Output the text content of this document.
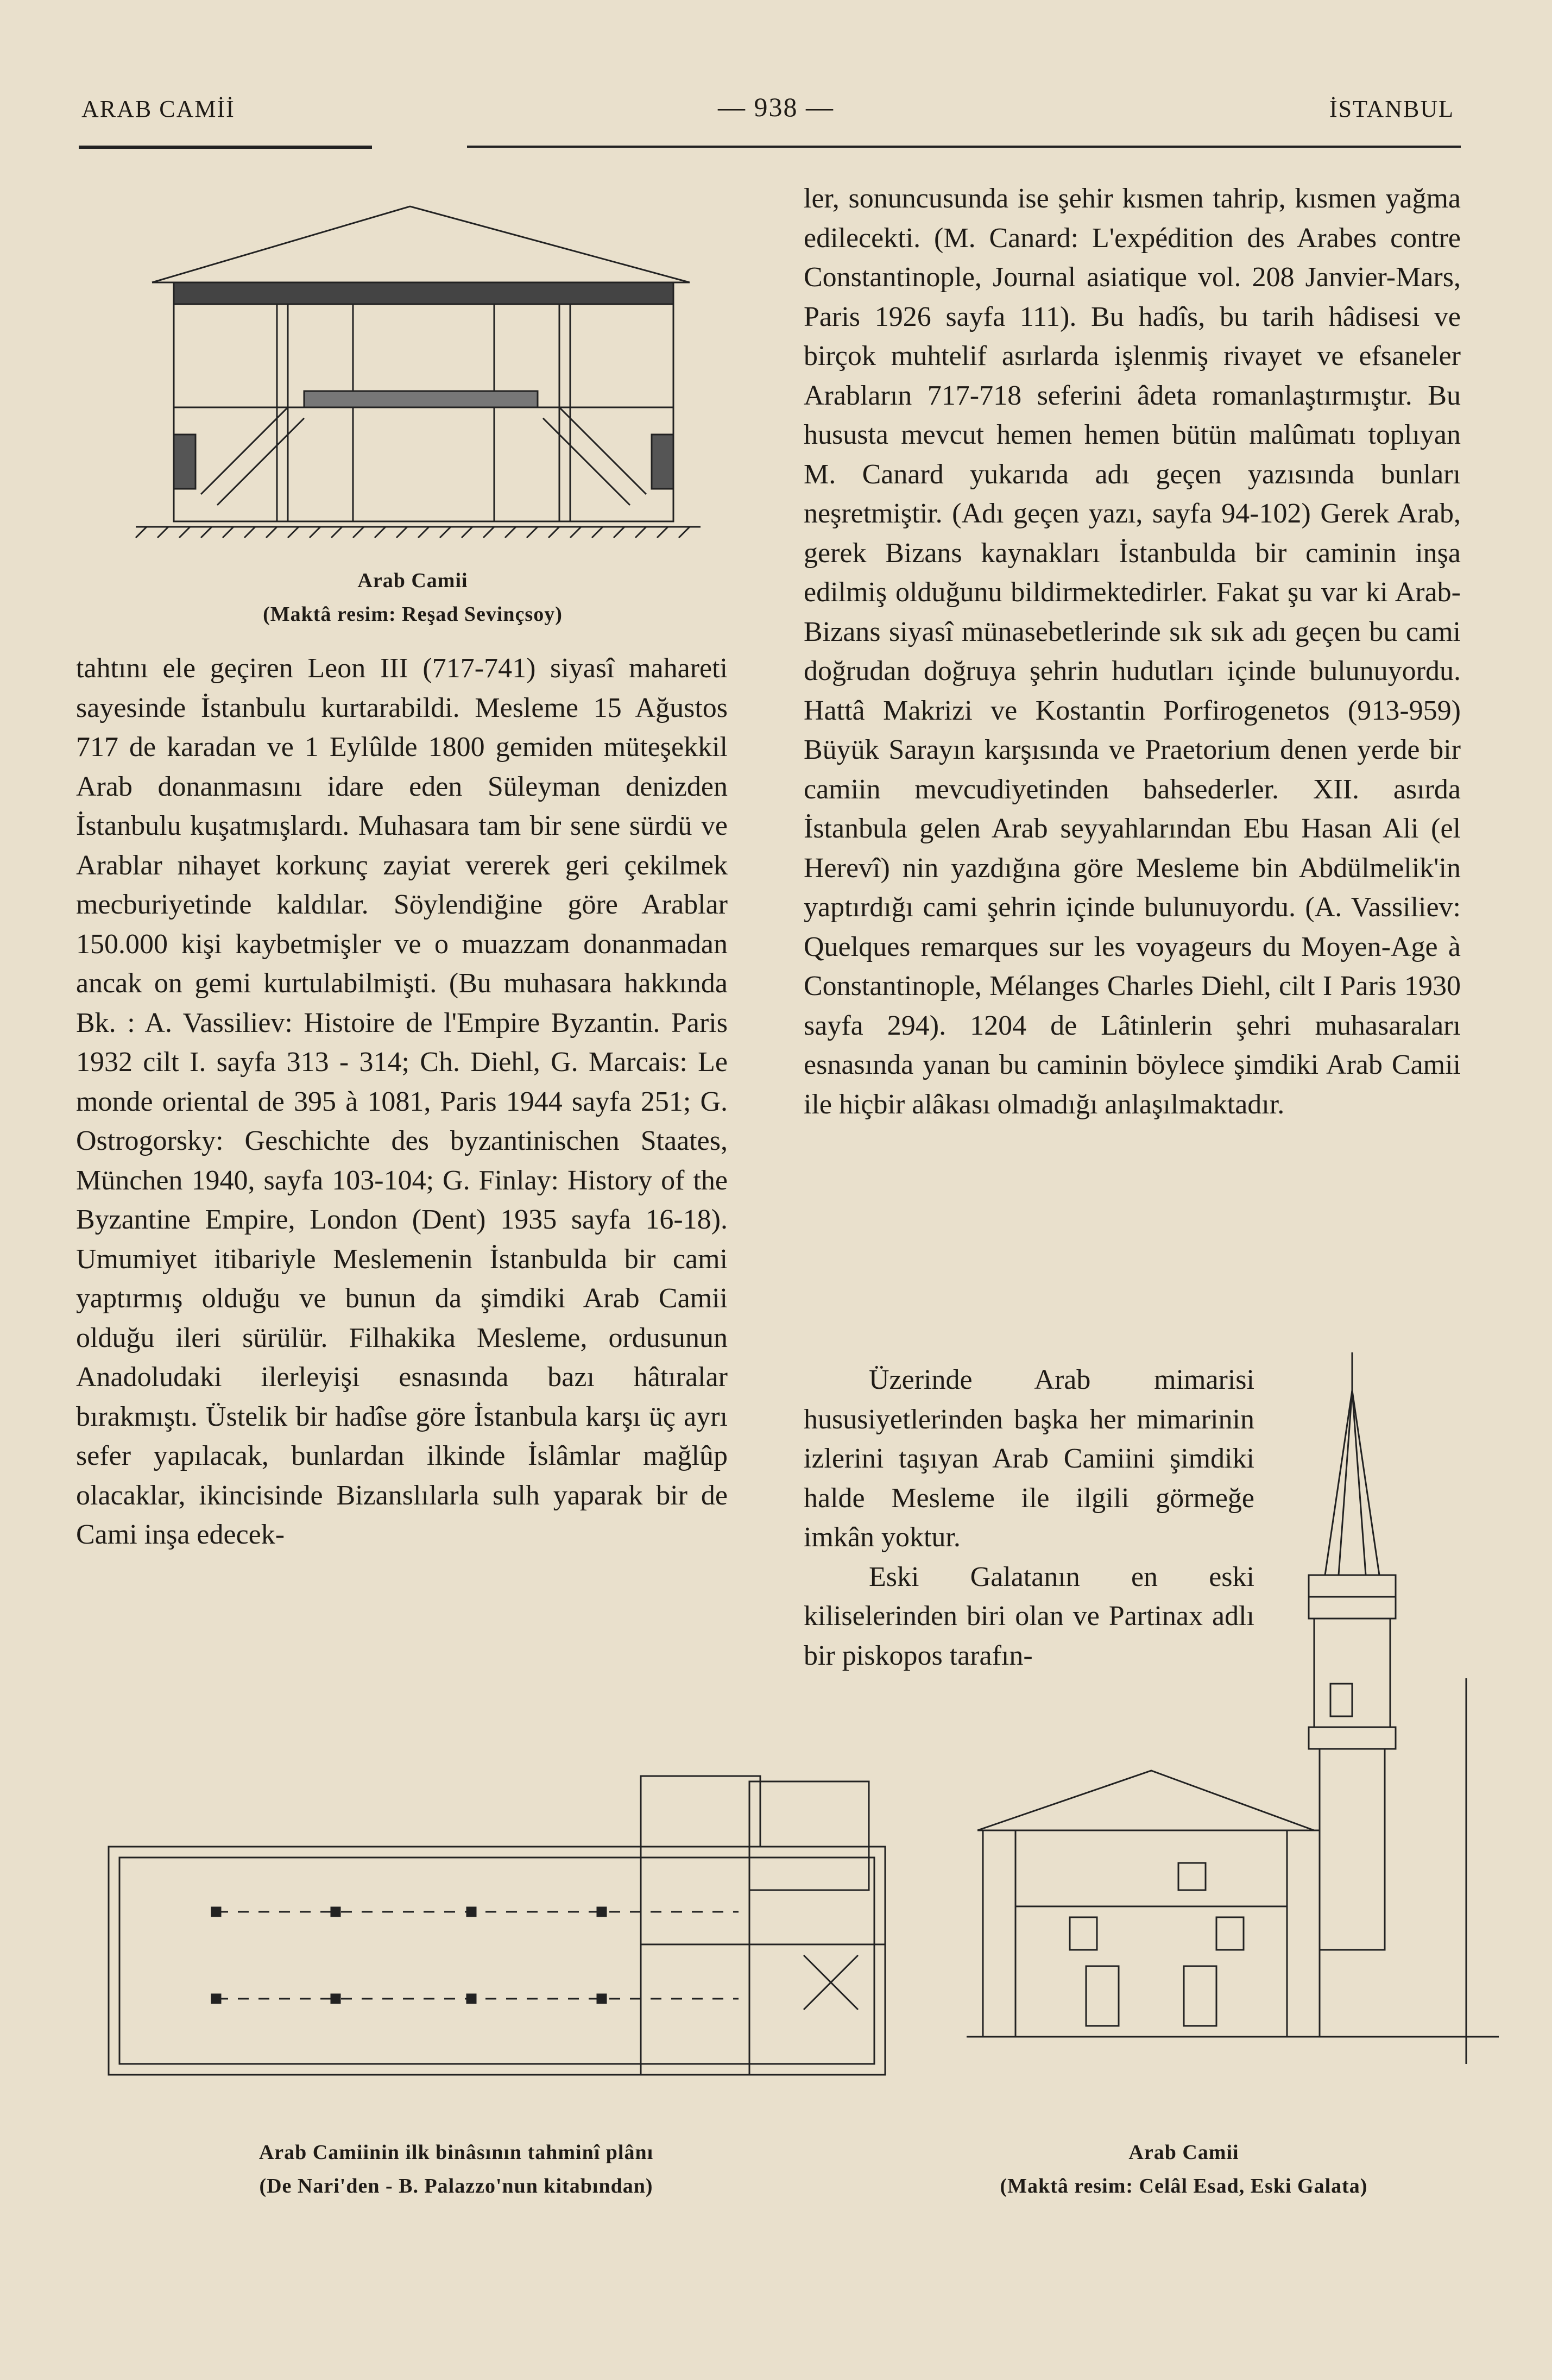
ARAB CAMİİ	— 938 —	İSTANBUL
Arab Camii
(Maktâ resim: Reşad Sevinçsoy)

tahtını ele geçiren Leon III (717-741) siyasî mahareti sayesinde İstanbulu kurtarabildi. Mesleme 15 Ağustos 717 de karadan ve 1 Eylûlde 1800 gemiden müteşekkil Arab donanmasını idare eden Süleyman denizden İstanbulu kuşatmışlardı. Muhasara tam bir sene sürdü ve Arablar nihayet korkunç zayiat vererek geri çekilmek mecburiyetinde kaldılar. Söylendiğine göre Arablar 150.000 kişi kaybetmişler ve o muazzam donanmadan ancak on gemi kurtulabilmişti. (Bu muhasara hakkında Bk. : A. Vassiliev: Histoire de l'Empire Byzantin. Paris 1932 cilt I. sayfa 313 - 314; Ch. Diehl, G. Marcais: Le monde oriental de 395 à 1081, Paris 1944 sayfa 251; G. Ostrogorsky: Geschichte des byzantinischen Staates, München 1940, sayfa 103-104; G. Finlay: History of the Byzantine Empire, London (Dent) 1935 sayfa 16-18). Umumiyet itibariyle Meslemenin İstanbulda bir cami yaptırmış olduğu ve bunun da şimdiki Arab Camii olduğu ileri sürülür. Filhakika Mesleme, ordusunun Anadoludaki ilerleyişi esnasında bazı hâtıralar bırakmıştı. Üstelik bir hadîse göre İstanbula karşı üç ayrı sefer yapılacak, bunlardan ilkinde İslâmlar mağlûp olacaklar, ikincisinde Bizanslılarla sulh yaparak bir de Cami inşa edecek-

ler, sonuncusunda ise şehir kısmen tahrip, kısmen yağma edilecekti. (M. Canard: L'expédition des Arabes contre Constantinople, Journal asiatique vol. 208 Janvier-Mars, Paris 1926 sayfa 111). Bu hadîs, bu tarih hâdisesi ve birçok muhtelif asırlarda işlenmiş rivayet ve efsaneler Arabların 717-718 seferini âdeta romanlaştırmıştır. Bu hususta mevcut hemen hemen bütün malûmatı toplıyan M. Canard yukarıda adı geçen yazısında bunları neşretmiştir. (Adı geçen yazı, sayfa 94-102) Gerek Arab, gerek Bizans kaynakları İstanbulda bir caminin inşa edilmiş olduğunu bildirmektedirler. Fakat şu var ki Arab-Bizans siyasî münasebetlerinde sık sık adı geçen bu cami doğrudan doğruya şehrin hudutları içinde bulunuyordu. Hattâ Makrizi ve Kostantin Porfirogenetos (913-959) Büyük Sarayın karşısında ve Praetorium denen yerde bir camiin mevcudiyetinden bahsederler. XII. asırda İstanbula gelen Arab seyyahlarından Ebu Hasan Ali (el Herevî) nin yazdığına göre Mesleme bin Abdülmelik'in yaptırdığı cami şehrin içinde bulunuyordu. (A. Vassiliev: Quelques remarques sur les voyageurs du Moyen-Age à Constantinople, Mélanges Charles Diehl, cilt I Paris 1930 sayfa 294). 1204 de Lâtinlerin şehri muhasaraları esnasında yanan bu caminin böylece şimdiki Arab Camii ile hiçbir alâkası olmadığı anlaşılmaktadır.

Üzerinde Arab mimarisi hususiyetlerinden başka her mimarinin izlerini taşıyan Arab Camiini şimdiki halde Mesleme ile ilgili görmeğe imkân yoktur.

Eski Galatanın en eski kiliselerinden biri olan ve Partinax adlı bir piskopos tarafın-

Arab Camiinin ilk binâsının tahminî plânı
(De Nari'den - B. Palazzo'nun kitabından)
Arab Camii
(Maktâ resim: Celâl Esad, Eski Galata)
